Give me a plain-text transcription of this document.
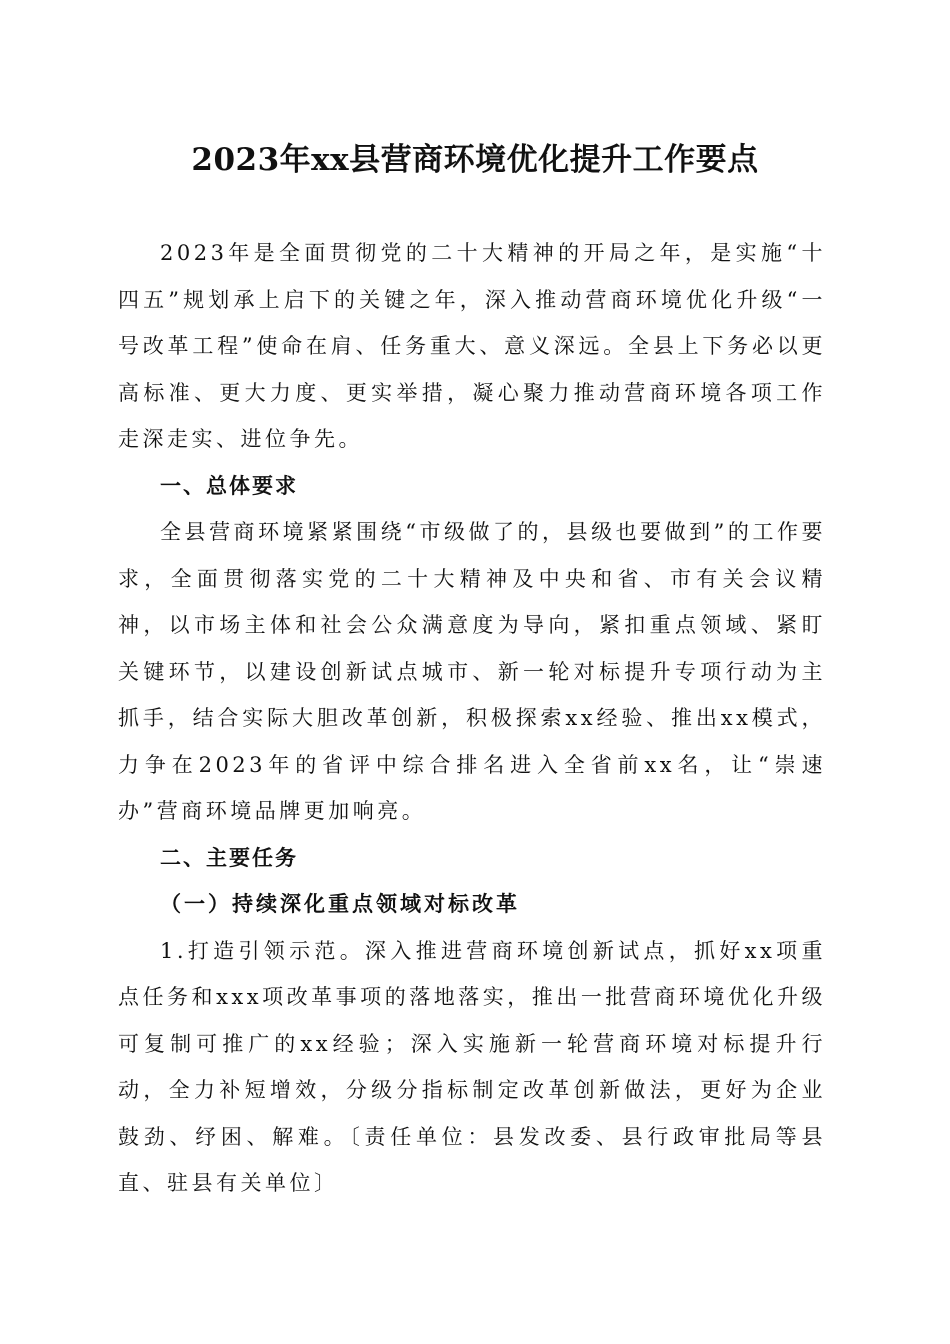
2023年xx县营商环境优化提升工作要点

2023年是全面贯彻党的二十大精神的开局之年，是实施“十四五”规划承上启下的关键之年，深入推动营商环境优化升级“一号改革工程”使命在肩、任务重大、意义深远。全县上下务必以更高标准、更大力度、更实举措，凝心聚力推动营商环境各项工作走深走实、进位争先。

一、总体要求

全县营商环境紧紧围绕“市级做了的，县级也要做到”的工作要求，全面贯彻落实党的二十大精神及中央和省、市有关会议精神，以市场主体和社会公众满意度为导向，紧扣重点领域、紧盯关键环节，以建设创新试点城市、新一轮对标提升专项行动为主抓手，结合实际大胆改革创新，积极探索xx经验、推出xx模式，力争在2023年的省评中综合排名进入全省前xx名，让“崇速办”营商环境品牌更加响亮。

二、主要任务

（一）持续深化重点领域对标改革

1.打造引领示范。深入推进营商环境创新试点，抓好xx项重点任务和xxx项改革事项的落地落实，推出一批营商环境优化升级可复制可推广的xx经验；深入实施新一轮营商环境对标提升行动，全力补短增效，分级分指标制定改革创新做法，更好为企业鼓劲、纾困、解难。〔责任单位：县发改委、县行政审批局等县直、驻县有关单位〕
